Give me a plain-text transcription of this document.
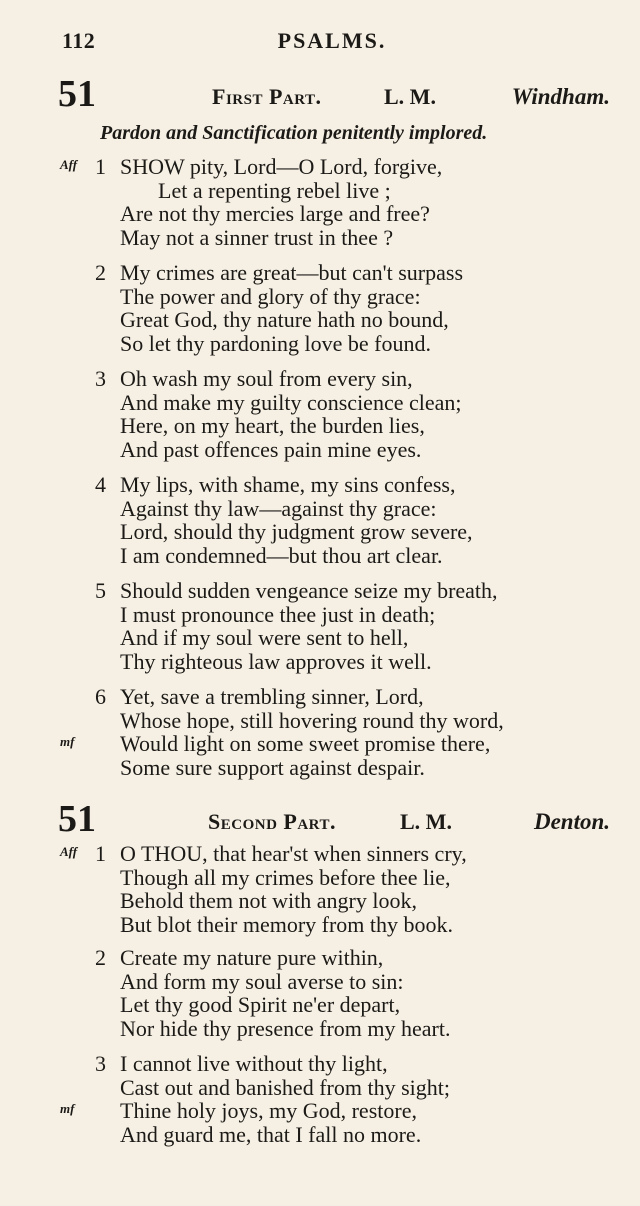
112	PSALMS.
51	First Part.	L. M.	Windham.
Pardon and Sanctification penitently implored.
Aff 1 SHOW pity, Lord—O Lord, forgive,
Let a repenting rebel live ;
Are not thy mercies large and free?
May not a sinner trust in thee ?
2 My crimes are great—but can't surpass
The power and glory of thy grace:
Great God, thy nature hath no bound,
So let thy pardoning love be found.
3 Oh wash my soul from every sin,
And make my guilty conscience clean;
Here, on my heart, the burden lies,
And past offences pain mine eyes.
4 My lips, with shame, my sins confess,
Against thy law—against thy grace:
Lord, should thy judgment grow severe,
I am condemned—but thou art clear.
5 Should sudden vengeance seize my breath,
I must pronounce thee just in death;
And if my soul were sent to hell,
Thy righteous law approves it well.
6 Yet, save a trembling sinner, Lord,
Whose hope, still hovering round thy word,
mf Would light on some sweet promise there,
Some sure support against despair.
51	Second Part.	L. M.	Denton.
Aff 1 O THOU, that hear'st when sinners cry,
Though all my crimes before thee lie,
Behold them not with angry look,
But blot their memory from thy book.
2 Create my nature pure within,
And form my soul averse to sin:
Let thy good Spirit ne'er depart,
Nor hide thy presence from my heart.
3 I cannot live without thy light,
Cast out and banished from thy sight;
mf Thine holy joys, my God, restore,
And guard me, that I fall no more.
